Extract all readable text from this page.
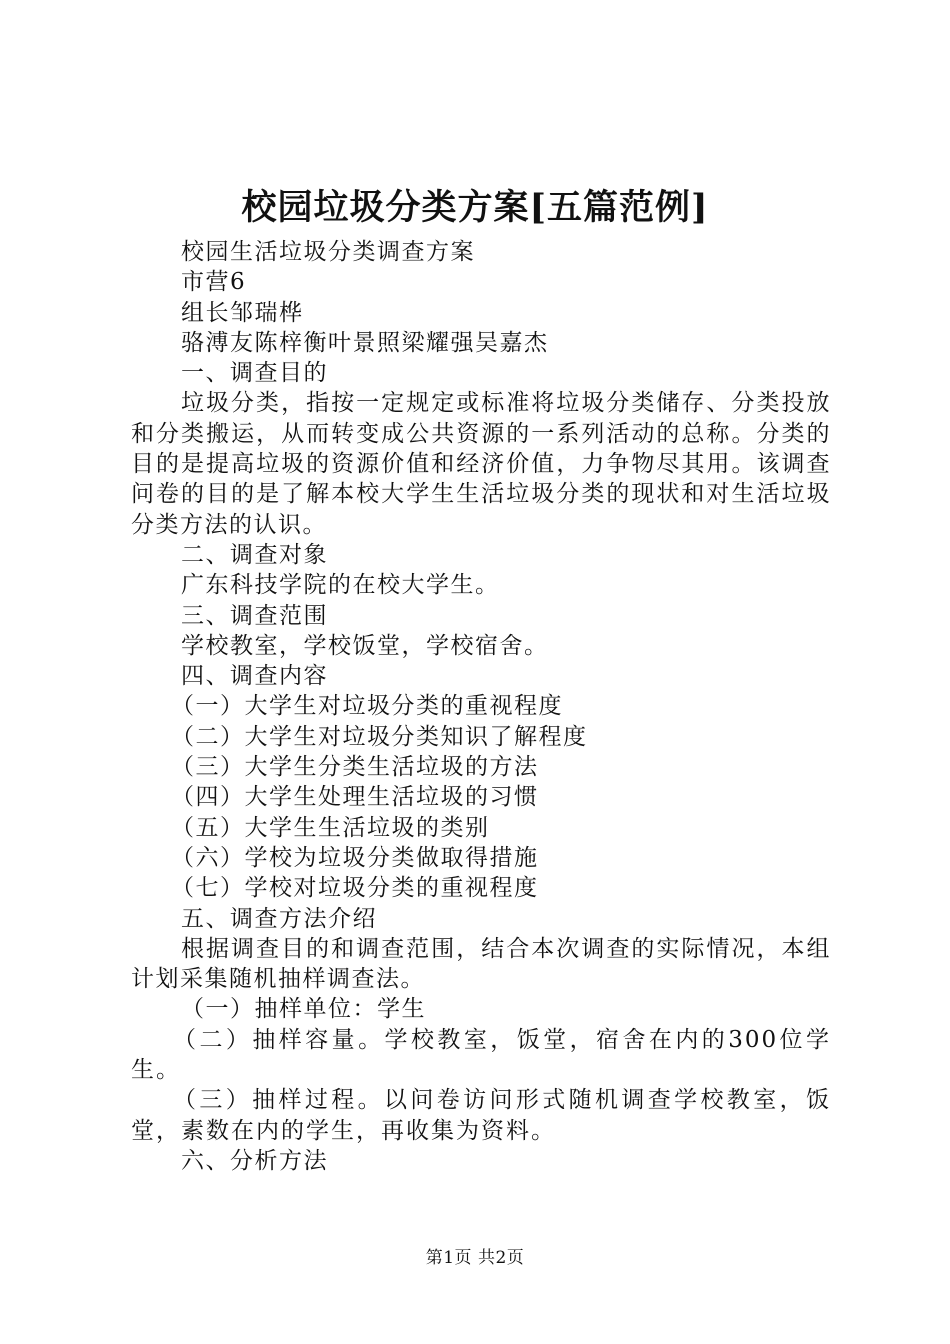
校园垃圾分类方案[五篇范例]
校园生活垃圾分类调查方案
市营6
组长邹瑞桦
骆溥友陈梓衡叶景照梁耀强吴嘉杰
一、调查目的
垃圾分类，指按一定规定或标准将垃圾分类储存、分类投放和分类搬运，从而转变成公共资源的一系列活动的总称。分类的目的是提高垃圾的资源价值和经济价值，力争物尽其用。该调查问卷的目的是了解本校大学生生活垃圾分类的现状和对生活垃圾分类方法的认识。
二、调查对象
广东科技学院的在校大学生。
三、调查范围
学校教室，学校饭堂，学校宿舍。
四、调查内容
（一）大学生对垃圾分类的重视程度
（二）大学生对垃圾分类知识了解程度
（三）大学生分类生活垃圾的方法
（四）大学生处理生活垃圾的习惯
（五）大学生生活垃圾的类别
（六）学校为垃圾分类做取得措施
（七）学校对垃圾分类的重视程度
五、调查方法介绍
根据调查目的和调查范围，结合本次调查的实际情况，本组计划采集随机抽样调查法。
（一）抽样单位：学生
（二）抽样容量。学校教室，饭堂，宿舍在内的300位学生。
（三）抽样过程。以问卷访问形式随机调查学校教室，饭堂，素数在内的学生，再收集为资料。
六、分析方法
第1页 共2页
